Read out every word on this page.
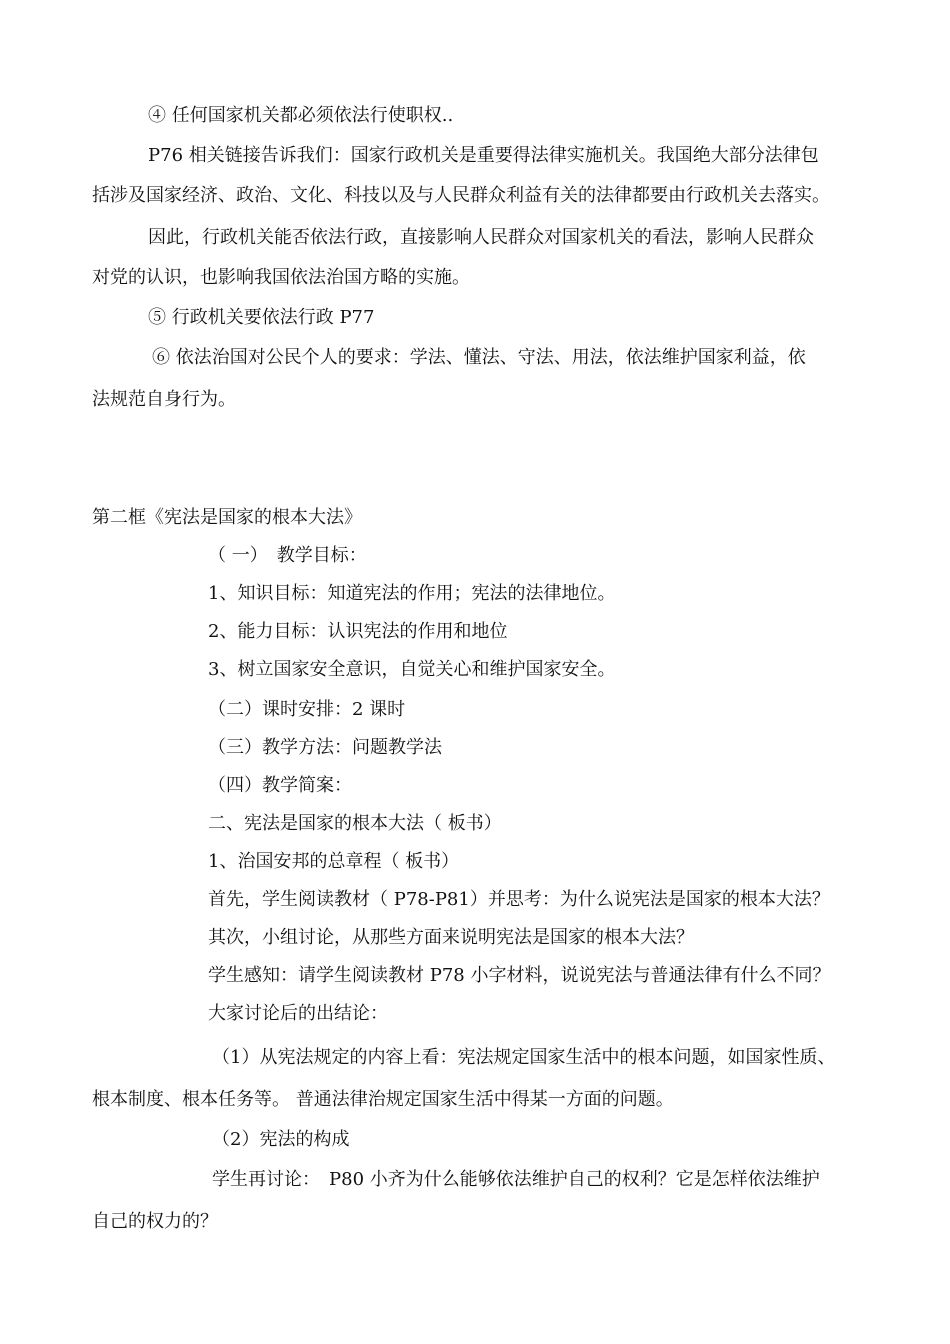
④ 任何国家机关都必须依法行使职权..
P76 相关链接告诉我们：国家行政机关是重要得法律实施机关。我国绝大部分法律包
括涉及国家经济、政治、文化、科技以及与人民群众利益有关的法律都要由行政机关去落实。
因此，行政机关能否依法行政，直接影响人民群众对国家机关的看法，影响人民群众
对党的认识，也影响我国依法治国方略的实施。
⑤ 行政机关要依法行政 P77
⑥ 依法治国对公民个人的要求：学法、懂法、守法、用法，依法维护国家利益，依
法规范自身行为。
第二框《宪法是国家的根本大法》
（ 一）　教学目标：
1、知识目标：知道宪法的作用；宪法的法律地位。
2、能力目标：认识宪法的作用和地位
3、树立国家安全意识，自觉关心和维护国家安全。
（二）课时安排：2 课时
（三）教学方法：问题教学法
（四）教学简案：
二、宪法是国家的根本大法（ 板书）
1、治国安邦的总章程（ 板书）
首先，学生阅读教材（ P78-P81）并思考：为什么说宪法是国家的根本大法？
其次，小组讨论，从那些方面来说明宪法是国家的根本大法？
学生感知：请学生阅读教材 P78 小字材料，说说宪法与普通法律有什么不同？
大家讨论后的出结论：
（1）从宪法规定的内容上看：宪法规定国家生活中的根本问题，如国家性质、
根本制度、根本任务等。 普通法律治规定国家生活中得某一方面的问题。
（2）宪法的构成
学生再讨论：　P80 小齐为什么能够依法维护自己的权利？它是怎样依法维护
自己的权力的？
